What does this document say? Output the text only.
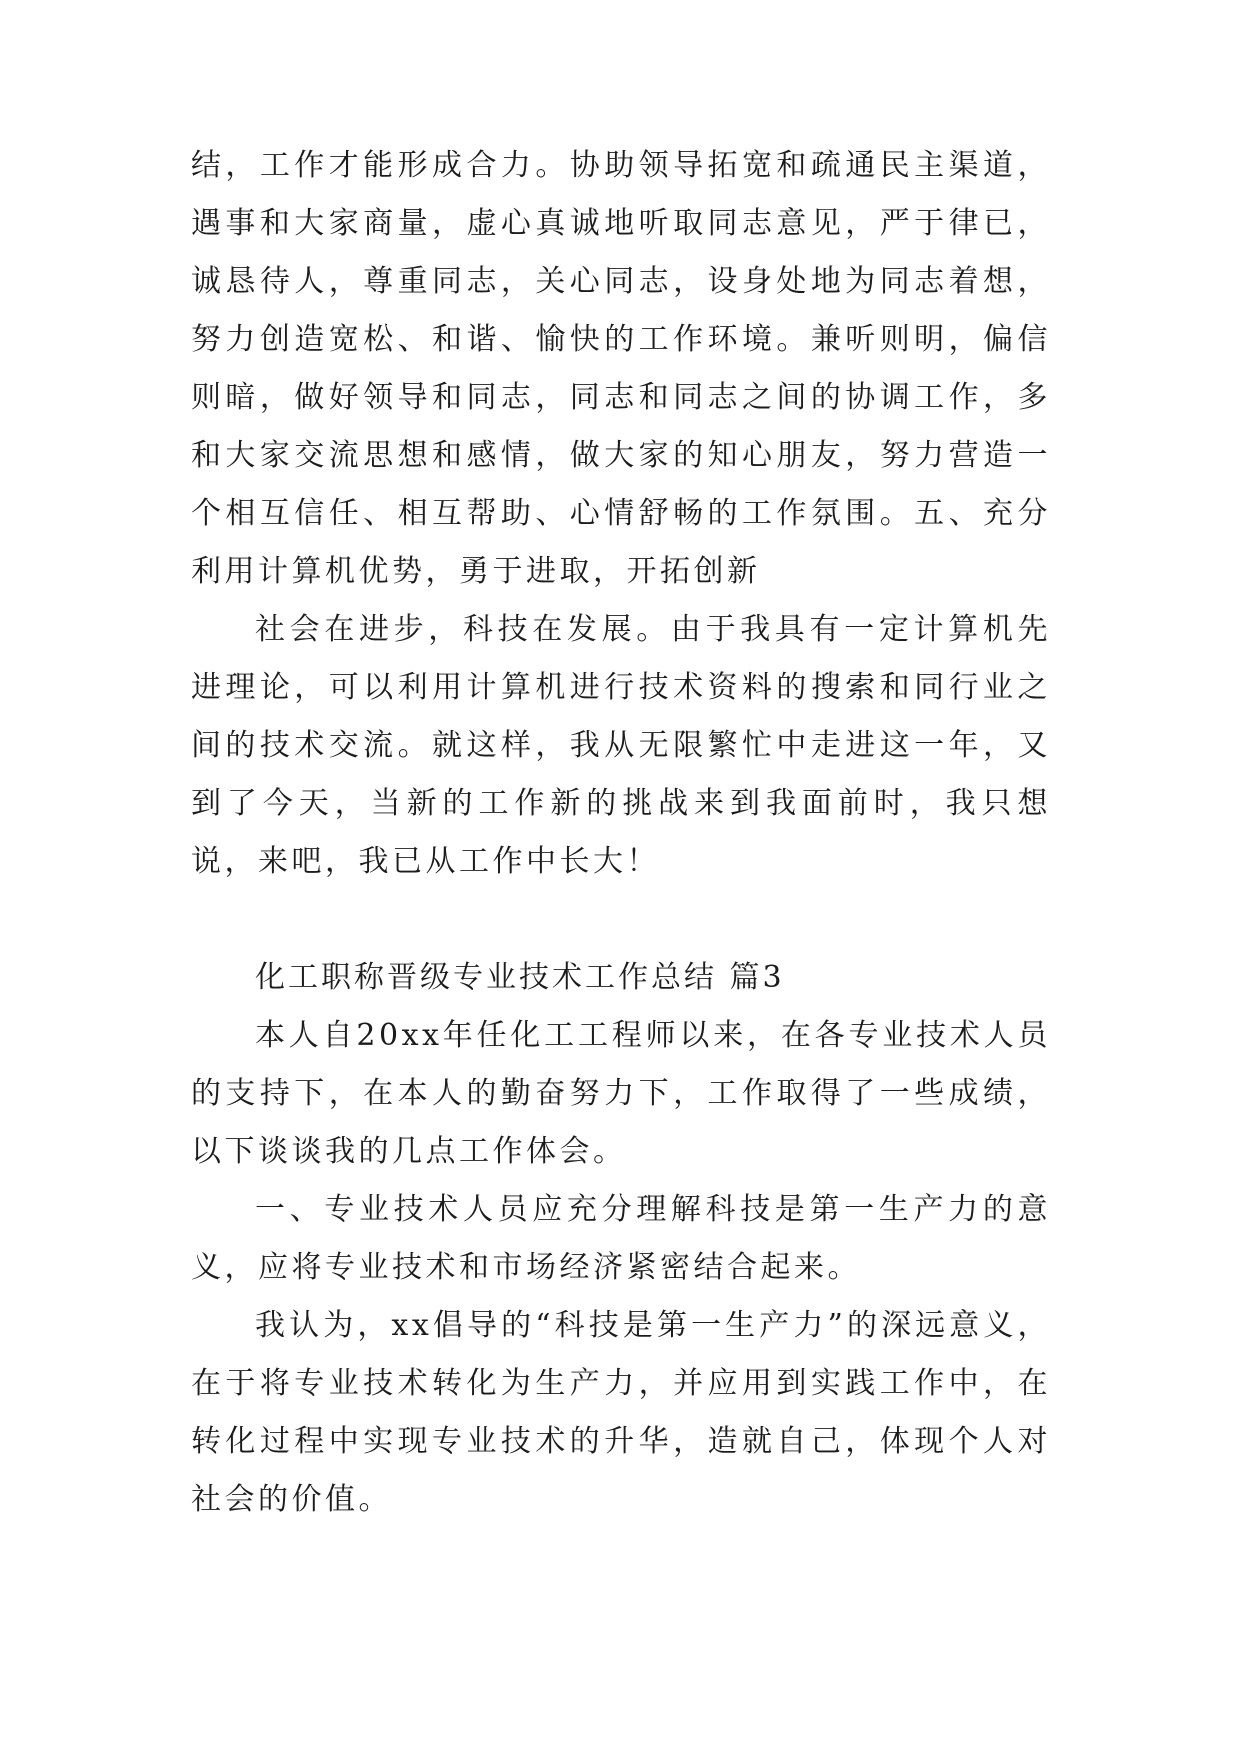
结，工作才能形成合力。协助领导拓宽和疏通民主渠道，遇事和大家商量，虚心真诚地听取同志意见，严于律已，诚恳待人，尊重同志，关心同志，设身处地为同志着想，努力创造宽松、和谐、愉快的工作环境。兼听则明，偏信则暗，做好领导和同志，同志和同志之间的协调工作，多和大家交流思想和感情，做大家的知心朋友，努力营造一个相互信任、相互帮助、心情舒畅的工作氛围。五、充分利用计算机优势，勇于进取，开拓创新

社会在进步，科技在发展。由于我具有一定计算机先进理论，可以利用计算机进行技术资料的搜索和同行业之间的技术交流。就这样，我从无限繁忙中走进这一年，又到了今天，当新的工作新的挑战来到我面前时，我只想说，来吧，我已从工作中长大！

化工职称晋级专业技术工作总结 篇3

本人自20xx年任化工工程师以来，在各专业技术人员的支持下，在本人的勤奋努力下，工作取得了一些成绩，以下谈谈我的几点工作体会。

一、专业技术人员应充分理解科技是第一生产力的意义，应将专业技术和市场经济紧密结合起来。

我认为，xx倡导的“科技是第一生产力”的深远意义，在于将专业技术转化为生产力，并应用到实践工作中，在转化过程中实现专业技术的升华，造就自己，体现个人对社会的价值。
